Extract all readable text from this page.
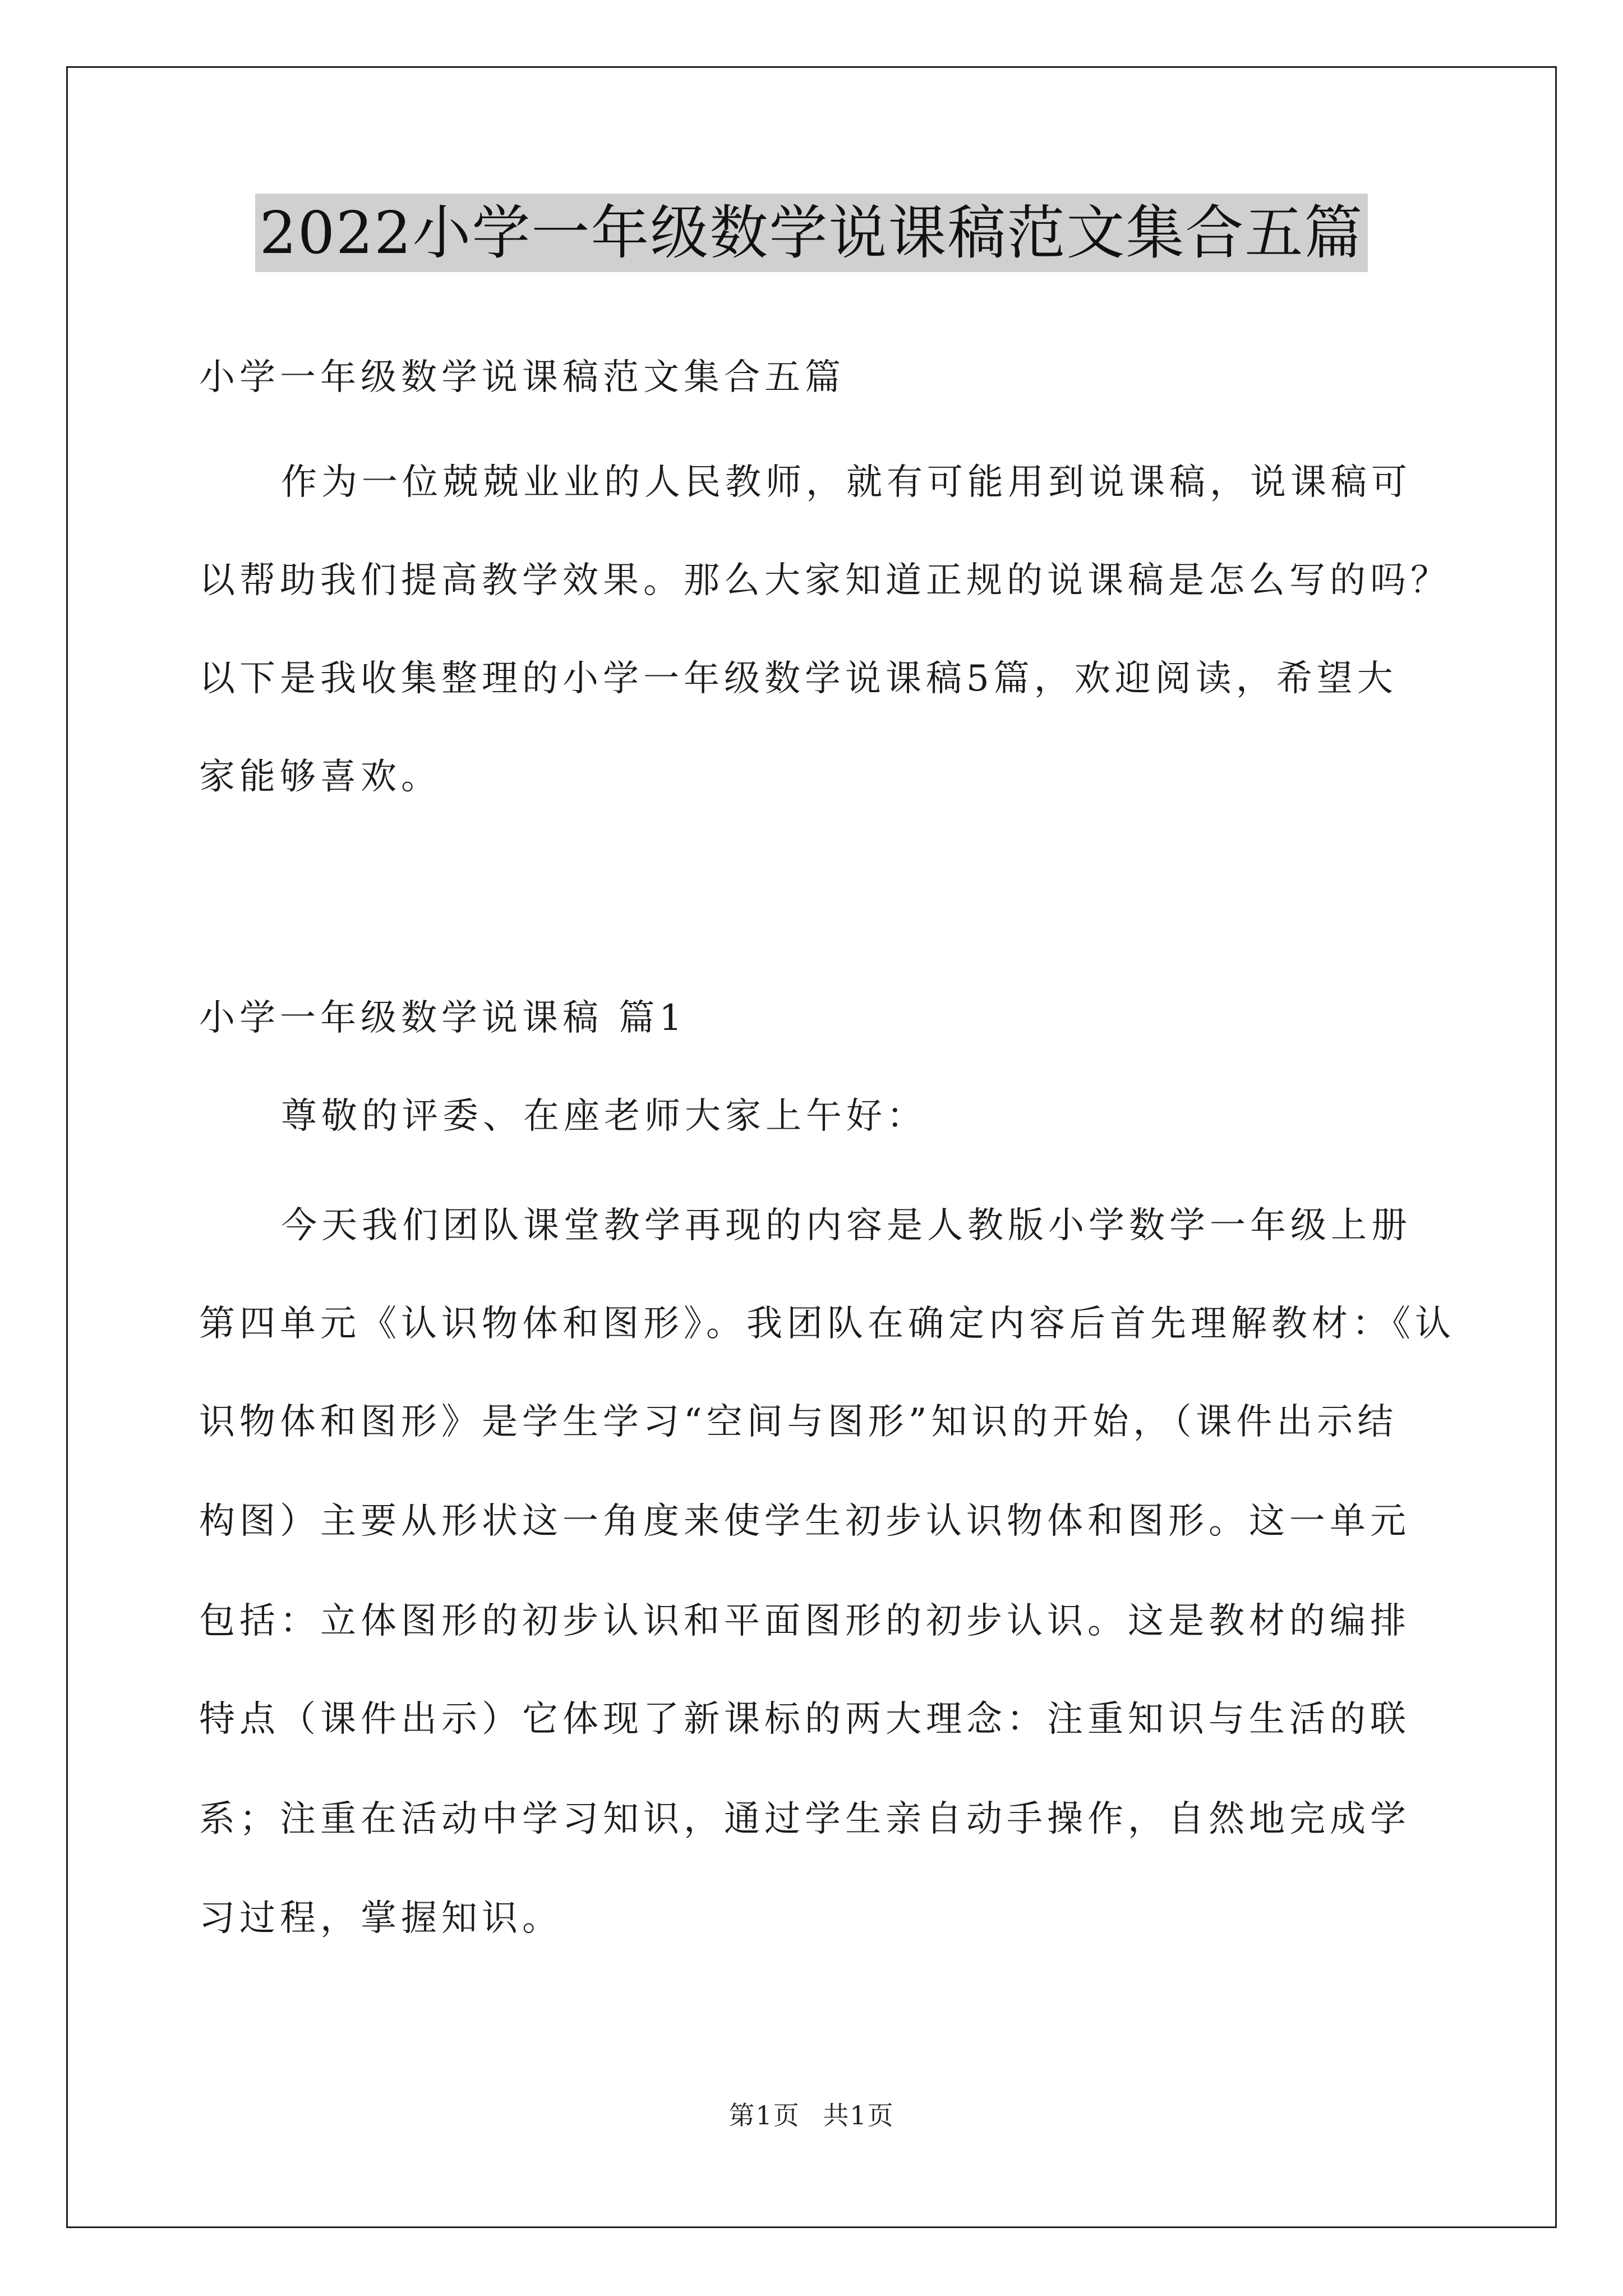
2022小学一年级数学说课稿范文集合五篇
小学一年级数学说课稿范文集合五篇
作为一位兢兢业业的人民教师，就有可能用到说课稿，说课稿可
以帮助我们提高教学效果。那么大家知道正规的说课稿是怎么写的吗？
以下是我收集整理的小学一年级数学说课稿5篇，欢迎阅读，希望大
家能够喜欢。
小学一年级数学说课稿 篇1
尊敬的评委、在座老师大家上午好：
今天我们团队课堂教学再现的内容是人教版小学数学一年级上册
第四单元《认识物体和图形》。我团队在确定内容后首先理解教材：《认
识物体和图形》是学生学习“空间与图形”知识的开始，（课件出示结
构图）主要从形状这一角度来使学生初步认识物体和图形。这一单元
包括：立体图形的初步认识和平面图形的初步认识。这是教材的编排
特点（课件出示）它体现了新课标的两大理念：注重知识与生活的联
系；注重在活动中学习知识，通过学生亲自动手操作，自然地完成学
习过程，掌握知识。
第1页 共1页
